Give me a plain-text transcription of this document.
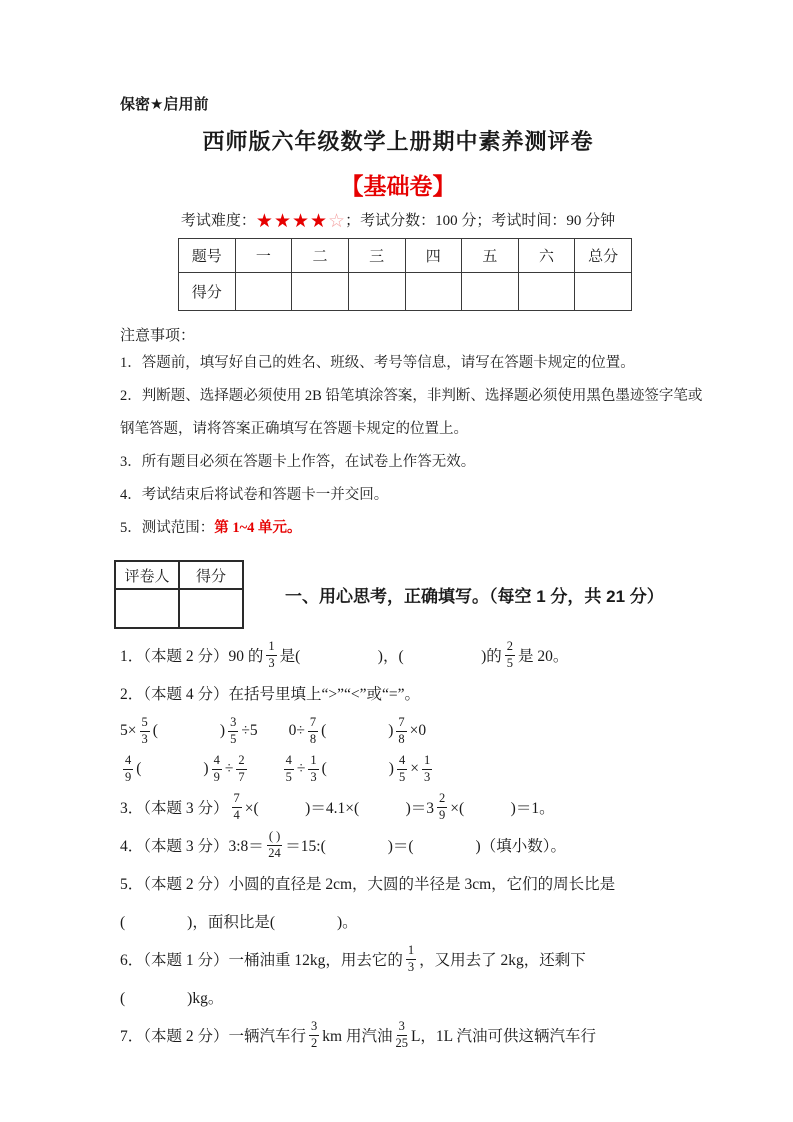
保密★启用前
西师版六年级数学上册期中素养测评卷
【基础卷】
考试难度：★★★★☆；考试分数：100 分；考试时间：90 分钟
题号	一	二	三	四	五	六	总分
得分							
注意事项：
1．答题前，填写好自己的姓名、班级、考号等信息，请写在答题卡规定的位置。
2．判断题、选择题必须使用 2B 铅笔填涂答案，非判断、选择题必须使用黑色墨迹签字笔或
钢笔答题，请将答案正确填写在答题卡规定的位置上。
3．所有题目必须在答题卡上作答，在试卷上作答无效。
4．考试结束后将试卷和答题卡一并交回。
5．测试范围： 第 1~4 单元。
评卷人	得分

一、用心思考，正确填写。（每空 1 分，共 21 分）
1．（本题 2 分）90 的 $\frac{1}{3}$ 是(     )，(     )的 $\frac{2}{5}$ 是 20。
2．（本题 4 分）在括号里填上“>”“<”或“=”。
$5\times \frac{5}{3}$ (    ) $\frac{3}{5} \div 5$  $0\div \frac{7}{8}$ (    ) $\frac{7}{8} \times 0$
$\frac{4}{9}$ (    ) $\frac{4}{9} \div \frac{2}{7}$
  	$\frac{4}{5} \div \frac{1}{3}$ (    ) $\frac{4}{5} \times \frac{1}{3}$
3．（本题 3 分） $\frac{7}{4}$ ×(   )＝4.1×(   )$=3 \frac{2}{9}$ ×(   )＝1。
4．（本题 3 分）3:8＝ $\frac{( )}{24}$ ＝15:(    )＝(    )（填小数）。
5．（本题 2 分）小圆的直径是 2cm，大圆的半径是 3cm，它们的周长比是
(    )，面积比是(    )。
6．（本题 1 分）一桶油重 12kg，用去它的 $\frac{1}{3}$ ，又用去了 2kg，还剩下
(    )kg。
7．（本题 2 分）一辆汽车行 $\frac{3}{2}$ km 用汽油 $\frac{3}{25}$ L，1L 汽油可供这辆汽车行
